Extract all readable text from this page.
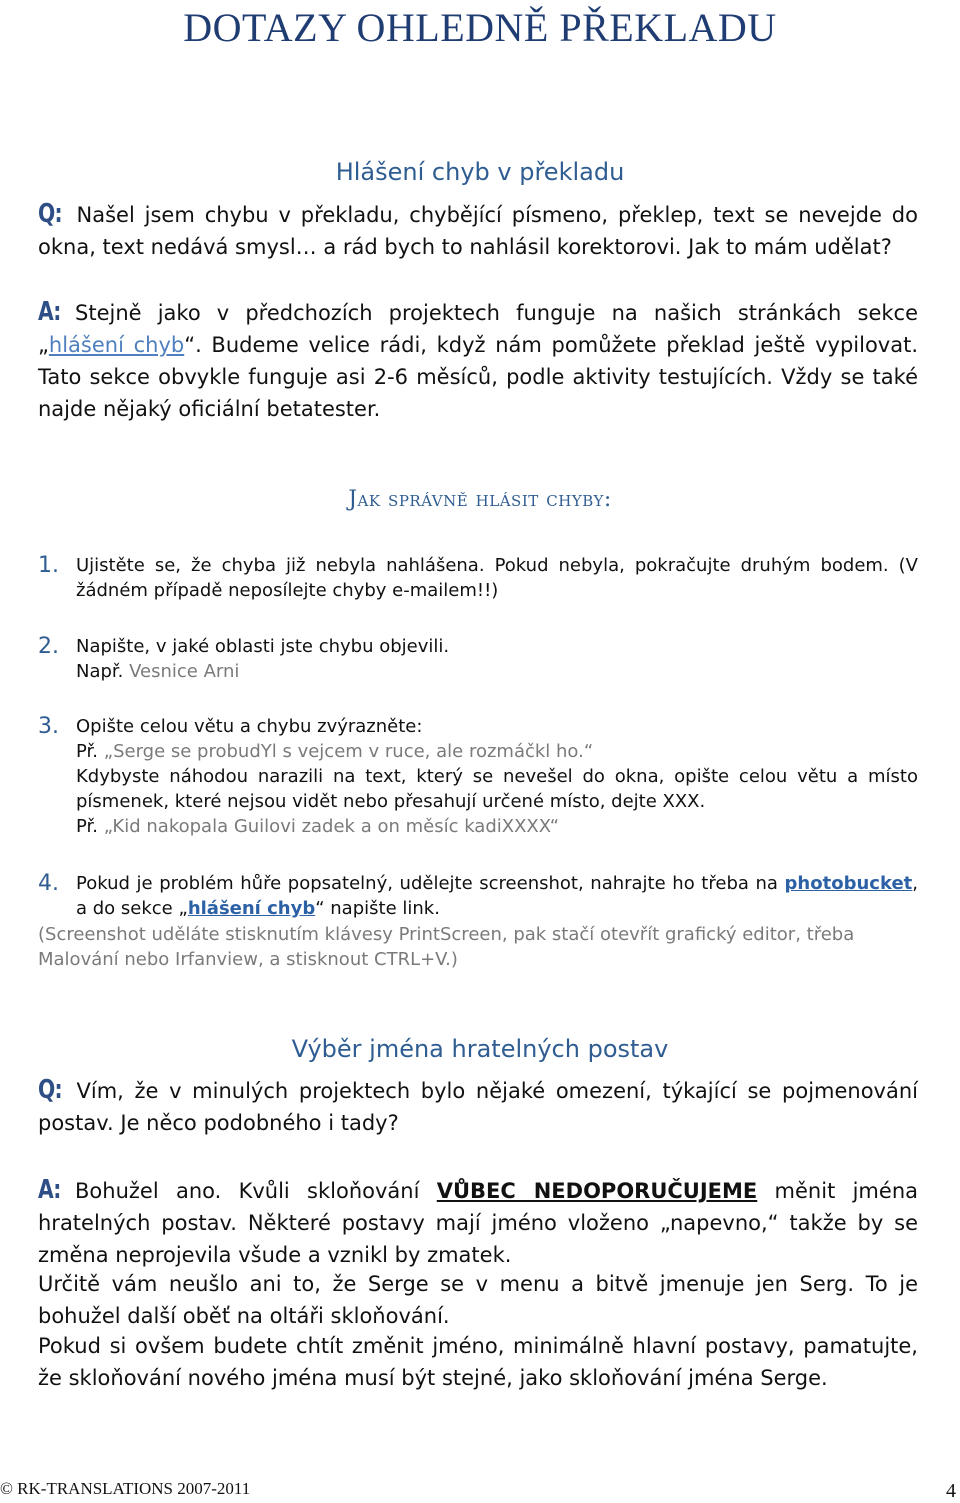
DOTAZY OHLEDNĚ PŘEKLADU
Hlášení chyb v překladu
Q: Našel jsem chybu v překladu, chybějící písmeno, překlep, text se nevejde do okna, text nedává smysl… a rád bych to nahlásil korektorovi. Jak to mám udělat?
A: Stejně jako v předchozích projektech funguje na našich stránkách sekce „hlášení chyb“. Budeme velice rádi, když nám pomůžete překlad ještě vypilovat. Tato sekce obvykle funguje asi 2-6 měsíců, podle aktivity testujících. Vždy se také najde nějaký oficiální betatester.
Jak správně hlásit chyby:
1. Ujistěte se, že chyba již nebyla nahlášena. Pokud nebyla, pokračujte druhým bodem. (V žádném případě neposílejte chyby e-mailem!!)
2. Napište, v jaké oblasti jste chybu objevili.
Např. Vesnice Arni
3. Opište celou větu a chybu zvýrazněte:
Př. „Serge se probudYl s vejcem v ruce, ale rozmáčkl ho.“
Kdybyste náhodou narazili na text, který se nevešel do okna, opište celou větu a místo písmenek, které nejsou vidět nebo přesahují určené místo, dejte XXX.
Př. „Kid nakopala Guilovi zadek a on měsíc kadiXXXX“
4. Pokud je problém hůře popsatelný, udělejte screenshot, nahrajte ho třeba na photobucket, a do sekce „hlášení chyb“ napište link.
(Screenshot uděláte stisknutím klávesy PrintScreen, pak stačí otevřít grafický editor, třeba Malování nebo Irfanview, a stisknout CTRL+V.)
Výběr jména hratelných postav
Q: Vím, že v minulých projektech bylo nějaké omezení, týkající se pojmenování postav. Je něco podobného i tady?
A: Bohužel ano. Kvůli skloňování VŮBEC NEDOPORUČUJEME měnit jména hratelných postav. Některé postavy mají jméno vloženo „napevno,“ takže by se změna neprojevila všude a vznikl by zmatek.
Určitě vám neušlo ani to, že Serge se v menu a bitvě jmenuje jen Serg. To je bohužel další oběť na oltáři skloňování.
Pokud si ovšem budete chtít změnit jméno, minimálně hlavní postavy, pamatujte, že skloňování nového jména musí být stejné, jako skloňování jména Serge.
© RK-TRANSLATIONS 2007-2011	4
